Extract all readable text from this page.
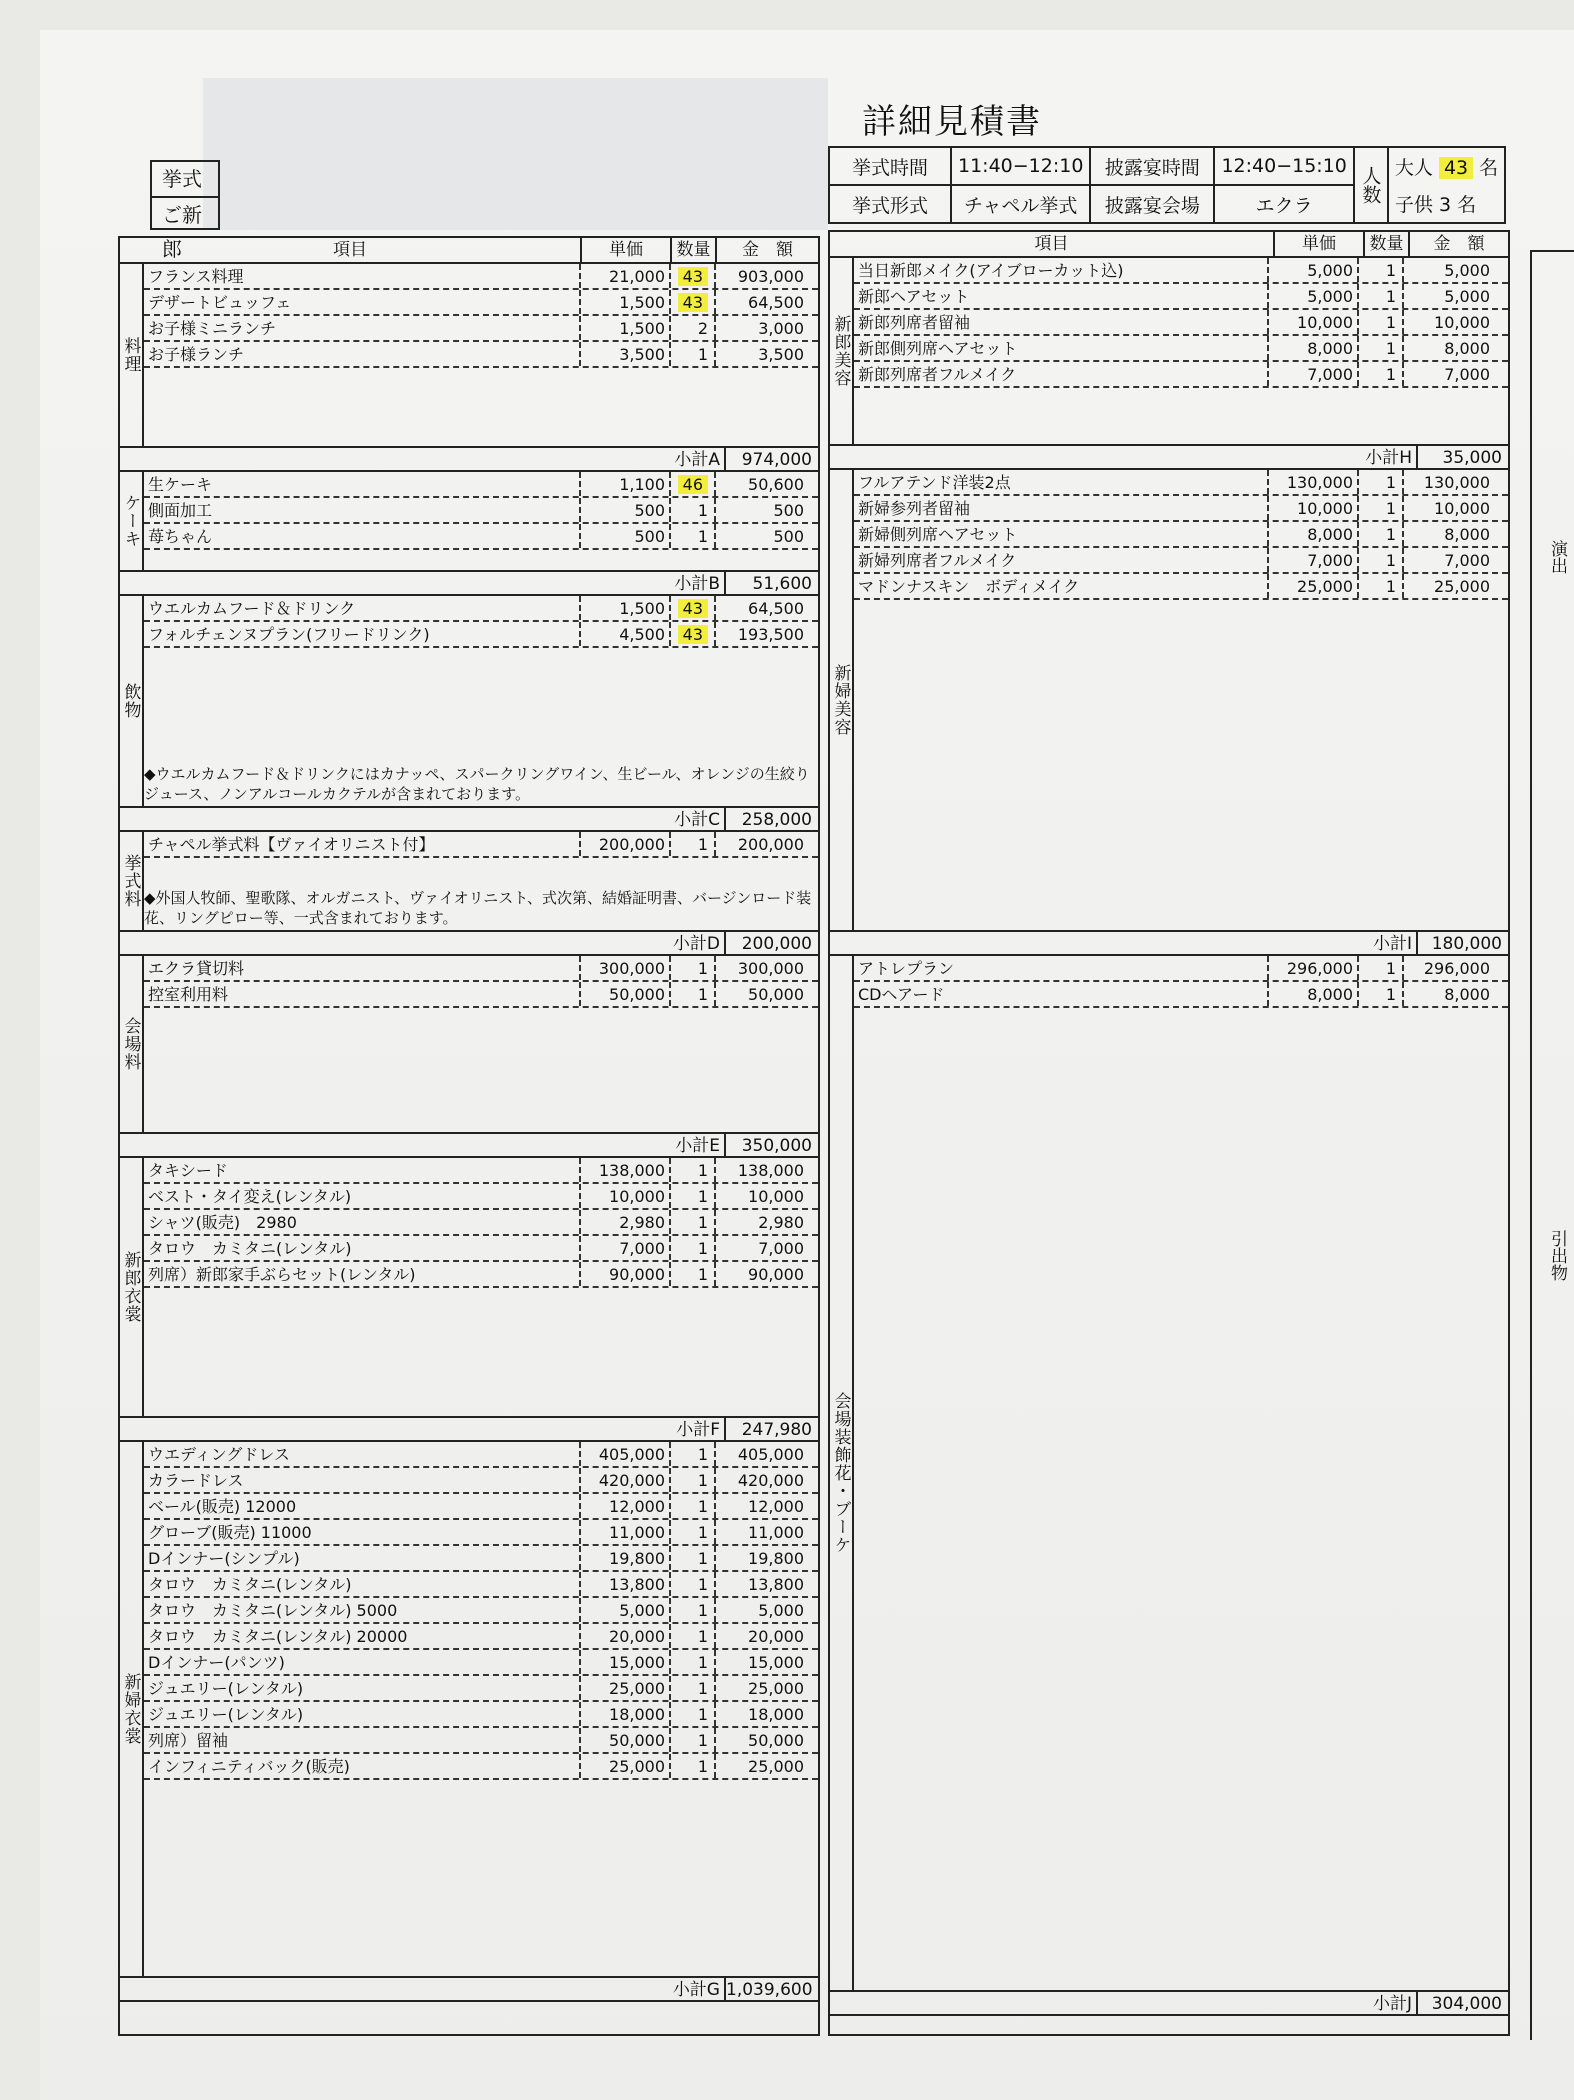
詳細見積書
挙式
ご新郎
挙式時間	11:40−12:10	披露宴時間	12:40−15:10	人数	大人 43 名
挙式形式	チャペル挙式	披露宴会場	エクラ		子供 3 名
項目	単価	数量	金　額
料理
フランス料理	21,000	43	903,000
デザートビュッフェ	1,500	43	64,500
お子様ミニランチ	1,500	2	3,000
お子様ランチ	3,500	1	3,500
小計A	974,000
ケーキ
生ケーキ	1,100	46	50,600
側面加工	500	1	500
苺ちゃん	500	1	500
小計B	51,600
飲物
ウエルカムフード＆ドリンク	1,500	43	64,500
フォルチェンヌプラン(フリードリンク)	4,500	43	193,500
◆ウエルカムフード＆ドリンクにはカナッペ、スパークリングワイン、生ビール、オレンジの生絞りジュース、ノンアルコールカクテルが含まれております。
小計C	258,000
挙式料
チャペル挙式料【ヴァイオリニスト付】	200,000	1	200,000
◆外国人牧師、聖歌隊、オルガニスト、ヴァイオリニスト、式次第、結婚証明書、バージンロード装花、リングピロー等、一式含まれております。
小計D	200,000
会場料
エクラ貸切料	300,000	1	300,000
控室利用料	50,000	1	50,000
小計E	350,000
新郎衣裳
タキシード	138,000	1	138,000
ベスト・タイ変え(レンタル)	10,000	1	10,000
シャツ(販売)　2980	2,980	1	2,980
タロウ　カミタニ(レンタル)	7,000	1	7,000
列席）新郎家手ぶらセット(レンタル)	90,000	1	90,000
小計F	247,980
新婦衣裳
ウエディングドレス	405,000	1	405,000
カラードレス	420,000	1	420,000
ベール(販売) 12000	12,000	1	12,000
グローブ(販売) 11000	11,000	1	11,000
Dインナー(シンプル)	19,800	1	19,800
タロウ　カミタニ(レンタル)	13,800	1	13,800
タロウ　カミタニ(レンタル) 5000	5,000	1	5,000
タロウ　カミタニ(レンタル) 20000	20,000	1	20,000
Dインナー(パンツ)	15,000	1	15,000
ジュエリー(レンタル)	25,000	1	25,000
ジュエリー(レンタル)	18,000	1	18,000
列席）留袖	50,000	1	50,000
インフィニティバック(販売)	25,000	1	25,000
小計G 1,039,600
項目	単価	数量	金　額
新郎美容
当日新郎メイク(アイブローカット込)	5,000	1	5,000
新郎ヘアセット	5,000	1	5,000
新郎列席者留袖	10,000	1	10,000
新郎側列席ヘアセット	8,000	1	8,000
新郎列席者フルメイク	7,000	1	7,000
小計H	35,000
新婦美容
フルアテンド洋装2点	130,000	1	130,000
新婦参列者留袖	10,000	1	10,000
新婦側列席ヘアセット	8,000	1	8,000
新婦列席者フルメイク	7,000	1	7,000
マドンナスキン　ボディメイク	25,000	1	25,000
小計I	180,000
会場装飾花・ブーケ
アトレプラン	296,000	1	296,000
CDヘアード	8,000	1	8,000
小計J	304,000
演出
引出物
